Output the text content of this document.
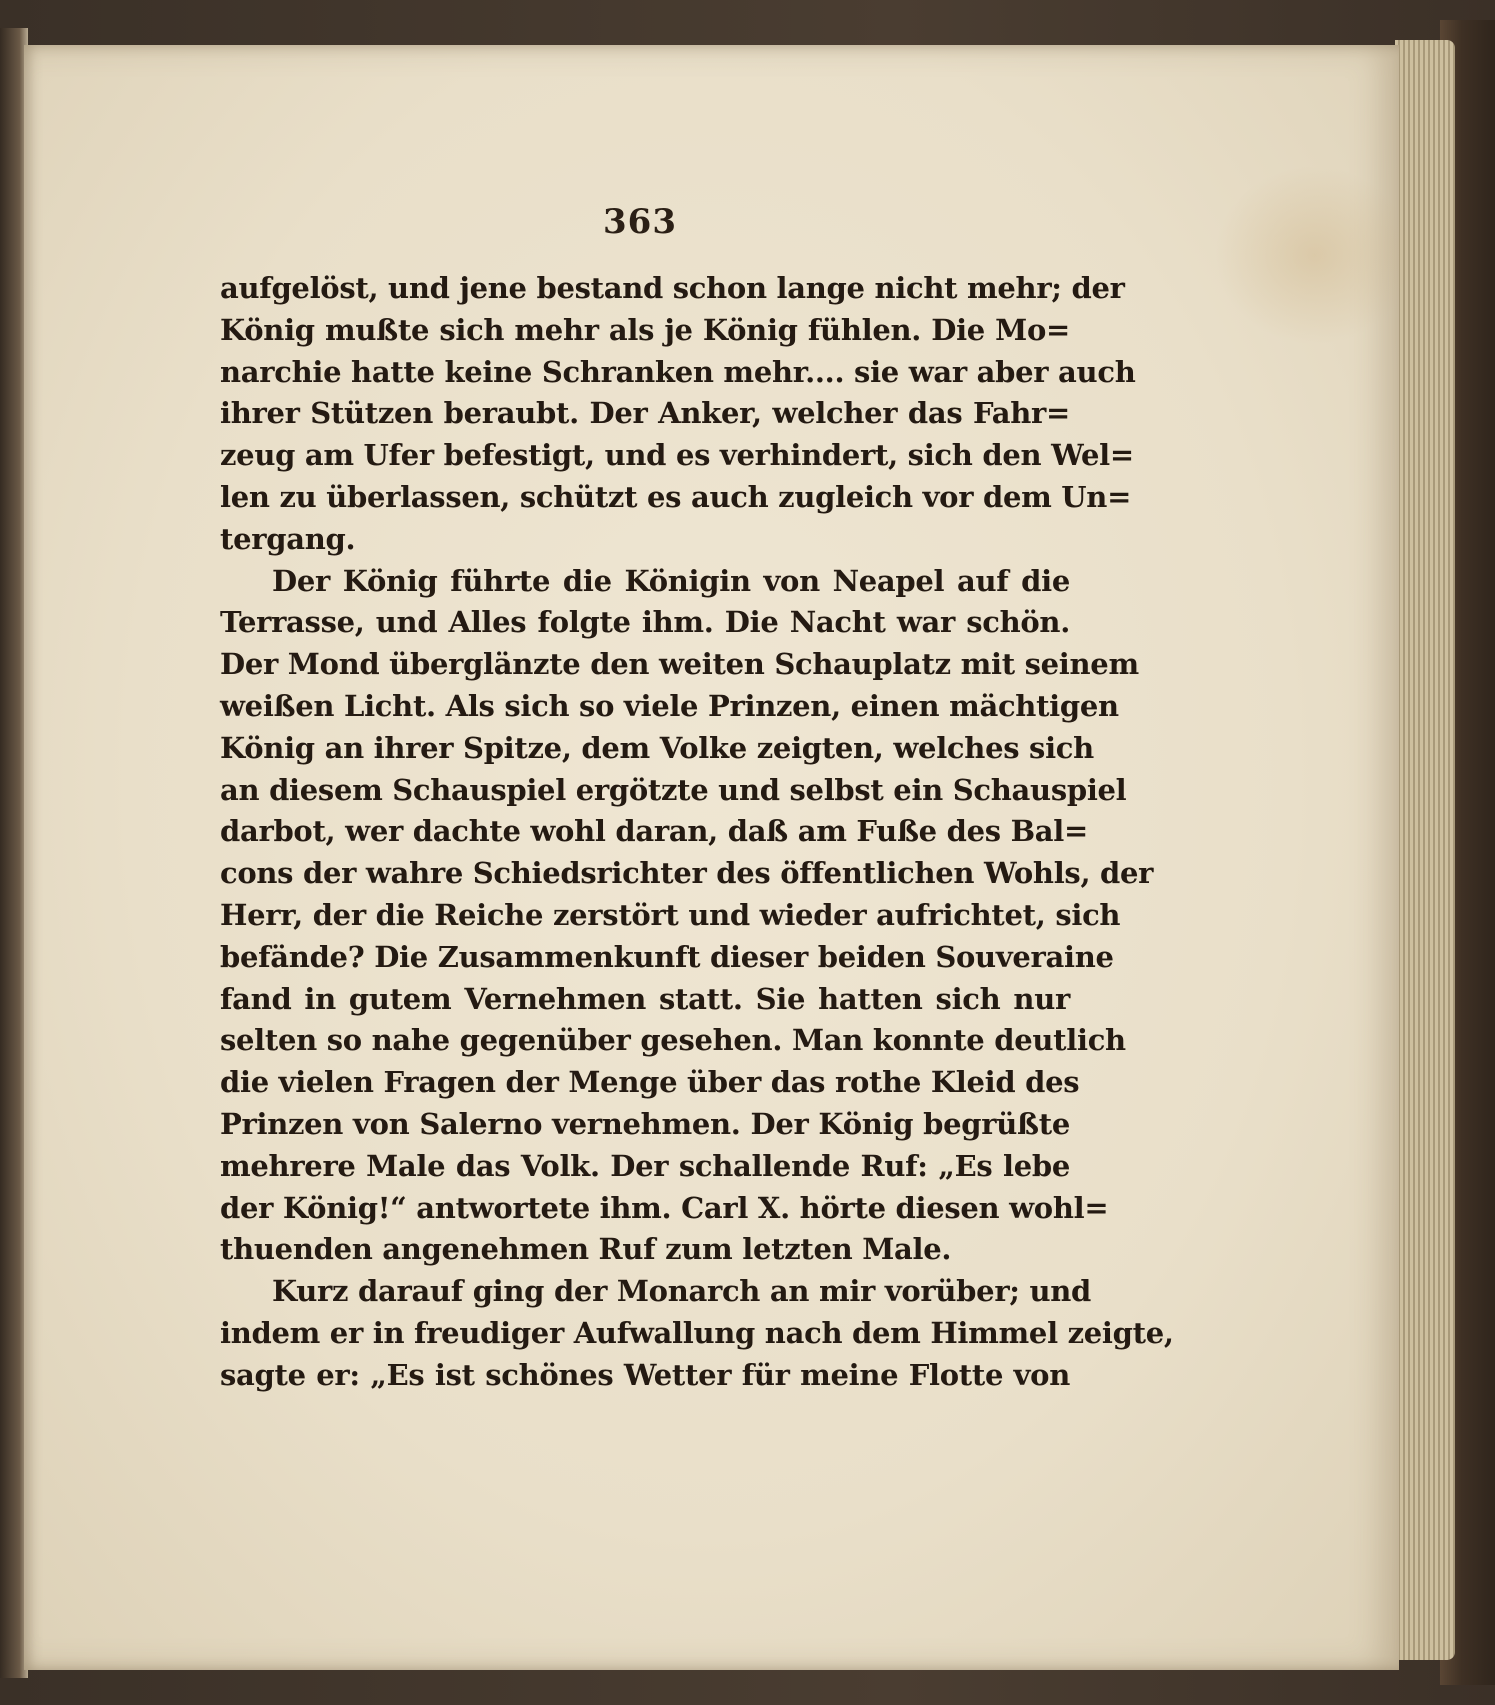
363
aufgelöst, und jene bestand schon lange nicht mehr; der
König mußte sich mehr als je König fühlen. Die Mo=
narchie hatte keine Schranken mehr.... sie war aber auch
ihrer Stützen beraubt. Der Anker, welcher das Fahr=
zeug am Ufer befestigt, und es verhindert, sich den Wel=
len zu überlassen, schützt es auch zugleich vor dem Un=
tergang.
Der König führte die Königin von Neapel auf die
Terrasse, und Alles folgte ihm. Die Nacht war schön.
Der Mond überglänzte den weiten Schauplatz mit seinem
weißen Licht. Als sich so viele Prinzen, einen mächtigen
König an ihrer Spitze, dem Volke zeigten, welches sich
an diesem Schauspiel ergötzte und selbst ein Schauspiel
darbot, wer dachte wohl daran, daß am Fuße des Bal=
cons der wahre Schiedsrichter des öffentlichen Wohls, der
Herr, der die Reiche zerstört und wieder aufrichtet, sich
befände? Die Zusammenkunft dieser beiden Souveraine
fand in gutem Vernehmen statt. Sie hatten sich nur
selten so nahe gegenüber gesehen. Man konnte deutlich
die vielen Fragen der Menge über das rothe Kleid des
Prinzen von Salerno vernehmen. Der König begrüßte
mehrere Male das Volk. Der schallende Ruf: „Es lebe
der König!“ antwortete ihm. Carl X. hörte diesen wohl=
thuenden angenehmen Ruf zum letzten Male.
Kurz darauf ging der Monarch an mir vorüber; und
indem er in freudiger Aufwallung nach dem Himmel zeigte,
sagte er: „Es ist schönes Wetter für meine Flotte von
